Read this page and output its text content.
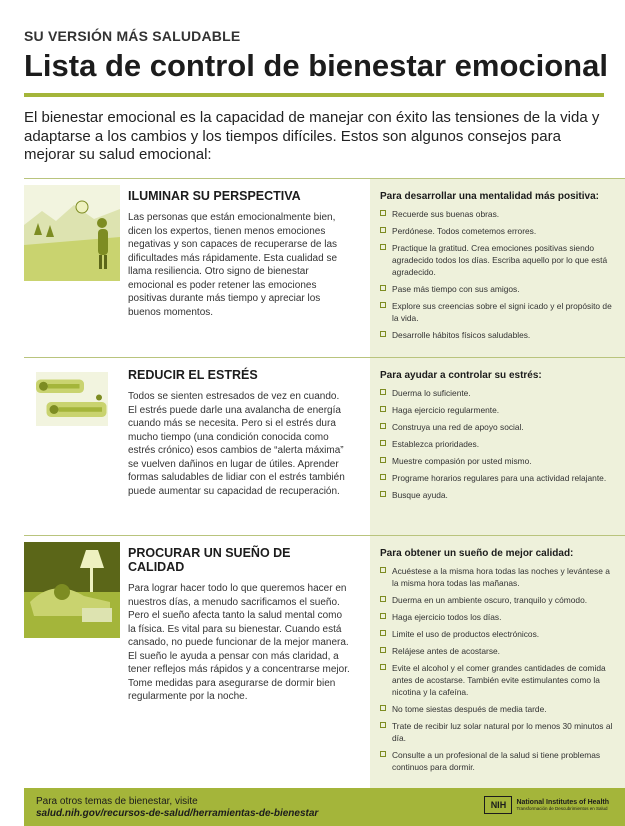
SU VERSIÓN MÁS SALUDABLE
Lista de control de bienestar emocional
El bienestar emocional es la capacidad de manejar con éxito las tensiones de la vida y adaptarse a los cambios y los tiempos difíciles. Estos son algunos consejos para mejorar su salud emocional:
ILUMINAR SU PERSPECTIVA
Las personas que están emocionalmente bien, dicen los expertos, tienen menos emociones negativas y son capaces de recuperarse de las dificultades más rápidamente. Esta cualidad se llama resiliencia. Otro signo de bienestar emocional es poder retener las emociones positivas durante más tiempo y apreciar los buenos momentos.
Para desarrollar una mentalidad más positiva:
Recuerde sus buenas obras.
Perdónese. Todos cometemos errores.
Practique la gratitud. Crea emociones positivas siendo agradecido todos los días. Escriba aquello por lo que está agradecido.
Pase más tiempo con sus amigos.
Explore sus creencias sobre el signi icado y el propósito de la vida.
Desarrolle hábitos físicos saludables.
REDUCIR EL ESTRÉS
Todos se sienten estresados de vez en cuando. El estrés puede darle una avalancha de energía cuando más se necesita. Pero si el estrés dura mucho tiempo (una condición conocida como estrés crónico) esos cambios de “alerta máxima” se vuelven dañinos en lugar de útiles. Aprender formas saludables de lidiar con el estrés también puede aumentar su capacidad de recuperación.
Para ayudar a controlar su estrés:
Duerma lo suficiente.
Haga ejercicio regularmente.
Construya una red de apoyo social.
Establezca prioridades.
Muestre compasión por usted mismo.
Programe horarios regulares para una actividad relajante.
Busque ayuda.
PROCURAR UN SUEÑO DE CALIDAD
Para lograr hacer todo lo que queremos hacer en nuestros días, a menudo sacrificamos el sueño. Pero el sueño afecta tanto la salud mental como la física. Es vital para su bienestar. Cuando está cansado, no puede funcionar de la mejor manera. El sueño le ayuda a pensar con más claridad, a tener reflejos más rápidos y a concentrarse mejor. Tome medidas para asegurarse de dormir bien regularmente por la noche.
Para obtener un sueño de mejor calidad:
Acuéstese a la misma hora todas las noches y levántese a la misma hora todas las mañanas.
Duerma en un ambiente oscuro, tranquilo y cómodo.
Haga ejercicio todos los días.
Limite el uso de productos electrónicos.
Relájese antes de acostarse.
Evite el alcohol y el comer grandes cantidades de comida antes de acostarse. También evite estimulantes como la nicotina y la cafeína.
No tome siestas después de media tarde.
Trate de recibir luz solar natural por lo menos 30 minutos al día.
Consulte a un profesional de la salud si tiene problemas continuos para dormir.
Para otros temas de bienestar, visite
salud.nih.gov/recursos-de-salud/herramientas-de-bienestar
NIH	National Institutes of Health
Transformación de Descubrimientos en Salud
